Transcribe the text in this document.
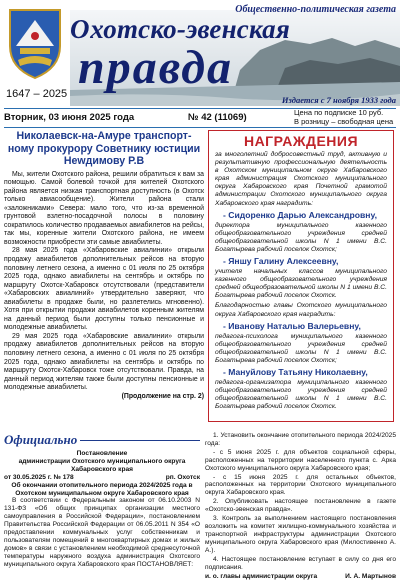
Общественно-политическая газета
Охотско-эвенская
правда
1647 – 2025	Издается с 7 ноября 1933 года
Вторник, 03 июня 2025 года	№ 42 (11069)	Цена по подписке 10 руб.
В розницу – свободная цена
Николаевск-на-Амуре транспорт-ному прокурору Советнику юстиции Неwдимову Р.В

Мы, жители Охотского района, решили обратиться к вам за помощью. Самой болевой точкой для жителей Охотского района является низкая транспортная доступность (в Охотск только авиасообщение). Жители района стали «заложниками» Севера: мало того, что из-за временной грунтовой взлетно-посадочной полосы в половину сократилось количество продаваемых авиабилетов на рейсы, так мы, коренные жители Охотского района, не имеем возможности приобрести эти самые авиабилеты.

28 мая 2025 года «Хабаровские авиалинии» открыли продажу авиабилетов дополнительных рейсов на вторую половину летнего сезона, а именно с 01 июля по 25 октября 2025 года, однако авиабилеты на сентябрь и октябрь по маршруту Охотск-Хабаровск отсутствовали (представители «Хабаровских авиалиний» утвердительно заверяют, что авиабилеты в продаже были, но разлетелись мгновенно). Хотя при открытии продажи авиабилетов коренным жителям на данный период были доступны только пенсионные и молодежные авиабилеты.

29 мая 2025 года «Хабаровские авиалинии» открыли продажу авиабилетов дополнительных рейсов на вторую половину летнего сезона, а именно с 01 июля по 25 октября 2025 года, однако авиабилеты на сентябрь и октябрь по маршруту Охотск-Хабаровск тоже отсутствовали. Правда, на данный период жителям также были доступны пенсионные и молодежные авиабилеты.

(Продолжение на стр. 2)

НАГРАЖДЕНИЯ

за многолетний добросовестный труд, активную и результативную профессиональную деятельность в Охотском муниципальном округе Хабаровского края администрация Охотского муниципального округа Хабаровского края Почетной грамотой администрации Охотского муниципального округа Хабаровского края наградить:

- Сидоренко Дарью Александровну,

директора муниципального казенного общеобразовательного учреждения средней общеобразовательной школы N 1 имени В.С. Богатырева рабочий поселок Охотск;

- Яншу Галину Алексеевну,

учителя начальных классов муниципального казенного общеобразовательного учреждения средней общеобразовательной школы N 1 имени В.С. Богатырева рабочий поселок Охотск.

Благодарностью главы Охотского муниципального округа Хабаровского края наградить:

- Иванову Наталью Валерьевну,

педагога-психолога муниципального казенного общеобразовательного учреждения средней общеобразовательной школы N 1 имени В.С. Богатырева рабочий поселок Охотск;

- Мануйлову Татьяну Николаевну,

педагога-организатора муниципального казенного общеобразовательного учреждения средней общеобразовательной школы N 1 имени В.С. Богатырева рабочий поселок Охотск.

Официально
Постановление
администрации Охотского муниципального округа Хабаровского края
от 30.05.2025 г. № 178	рп. Охотск
Об окончании отопительного периода 2024/2025 года в Охотском муниципальном округе Хабаровского края

В соответствии с Федеральным законом от 06.10.2003 N 131-ФЗ «Об общих принципах организации местного самоуправления в Российской Федерации», постановлением Правительства Российской Федерации от 06.05.2011 N 354 «О предоставлении коммунальных услуг собственникам и пользователям помещений в многоквартирных домах и жилых домов» в связи с установлением необходимой среднесуточной температуры наружного воздуха администрация Охотского муниципального округа Хабаровского края ПОСТАНОВЛЯЕТ:

1. Установить окончание отопительного периода 2024/2025 года:

- с 5 июня 2025 г. для объектов социальной сферы, расположенных на территории населенного пункта с. Арка Охотского муниципального округа Хабаровского края;

- с 15 июня 2025 г. для остальных объектов, расположенных на территории Охотского муниципального округа Хабаровского края.

2. Опубликовать настоящее постановление в газете «Охотско-эвенская правда».

3. Контроль за выполнением настоящего постановления возложить на комитет жилищно-коммунального хозяйства и транспортной инфраструктуры администрации Охотского муниципального округа Хабаровского края (Милостивенко А. А.).

4. Настоящее постановление вступает в силу со дня его подписания.

и. о. главы администрации округа	И. А. Мартынов
